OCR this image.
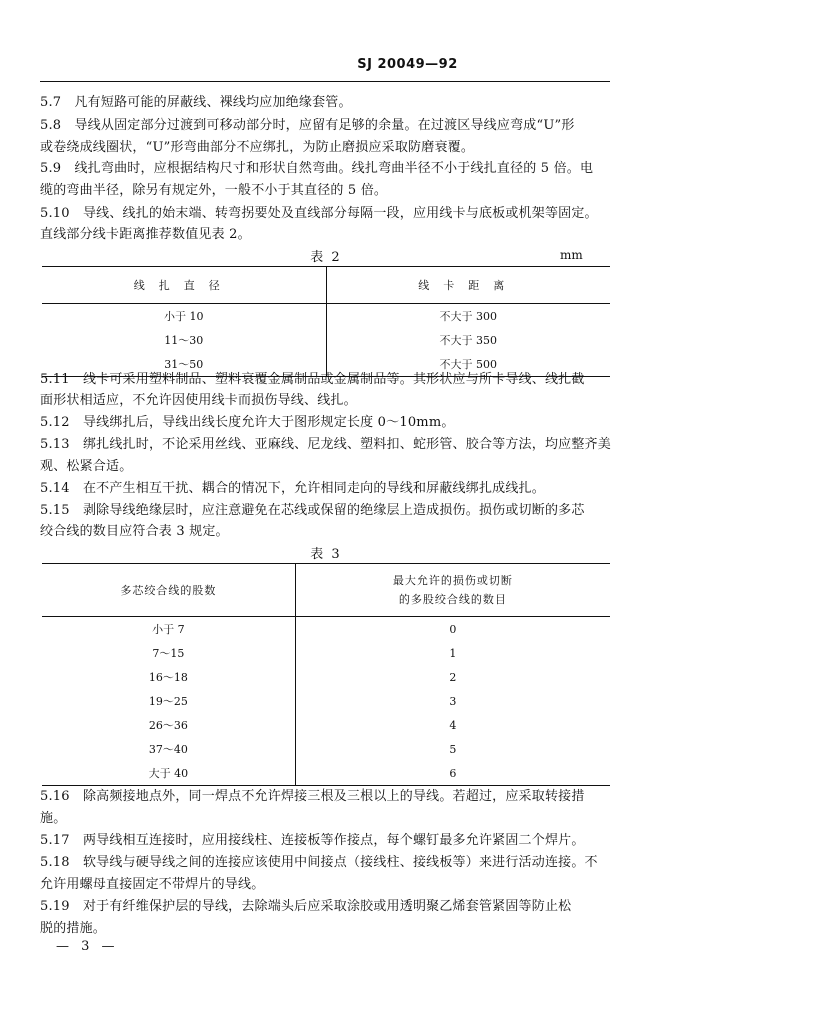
SJ 20049—92
5.7　凡有短路可能的屏蔽线、裸线均应加绝缘套管。
5.8　导线从固定部分过渡到可移动部分时，应留有足够的余量。在过渡区导线应弯成“U”形
或卷绕成线圈状，“U”形弯曲部分不应绑扎，为防止磨损应采取防磨衰覆。
5.9　线扎弯曲时，应根据结构尺寸和形状自然弯曲。线扎弯曲半径不小于线扎直径的 5 倍。电
缆的弯曲半径，除另有规定外，一般不小于其直径的 5 倍。
5.10　导线、线扎的始末端、转弯拐要处及直线部分每隔一段，应用线卡与底板或机架等固定。
直线部分线卡距离推荐数值见表 2。
表 2	mm
线扎直径	线卡距离
小于 10	不大于 300
11～30	不大于 350
31～50	不大于 500
5.11　线卡可采用塑料制品、塑料衰覆金属制品或金属制品等。其形状应与所卡导线、线扎截
面形状相适应，不允许因使用线卡而损伤导线、线扎。
5.12　导线绑扎后，导线出线长度允许大于图形规定长度 0～10mm。
5.13　绑扎线扎时，不论采用丝线、亚麻线、尼龙线、塑料扣、蛇形管、胶合等方法，均应整齐美
观、松紧合适。
5.14　在不产生相互干扰、耦合的情况下，允许相同走向的导线和屏蔽线绑扎成线扎。
5.15　剥除导线绝缘层时，应注意避免在芯线或保留的绝缘层上造成损伤。损伤或切断的多芯
绞合线的数目应符合表 3 规定。
表 3
多芯绞合线的股数	最大允许的损伤或切断
的多股绞合线的数目

小于 7	0
7～15	1
16～18	2
19～25	3
26～36	4
37～40	5
大于 40	6
5.16　除高频接地点外，同一焊点不允许焊接三根及三根以上的导线。若超过，应采取转接措
施。
5.17　两导线相互连接时，应用接线柱、连接板等作接点，每个螺钉最多允许紧固二个焊片。
5.18　软导线与硬导线之间的连接应该使用中间接点（接线柱、接线板等）来进行活动连接。不
允许用螺母直接固定不带焊片的导线。
5.19　对于有纤维保护层的导线，去除端头后应采取涂胶或用透明聚乙烯套管紧固等防止松
脱的措施。
— 3 —
